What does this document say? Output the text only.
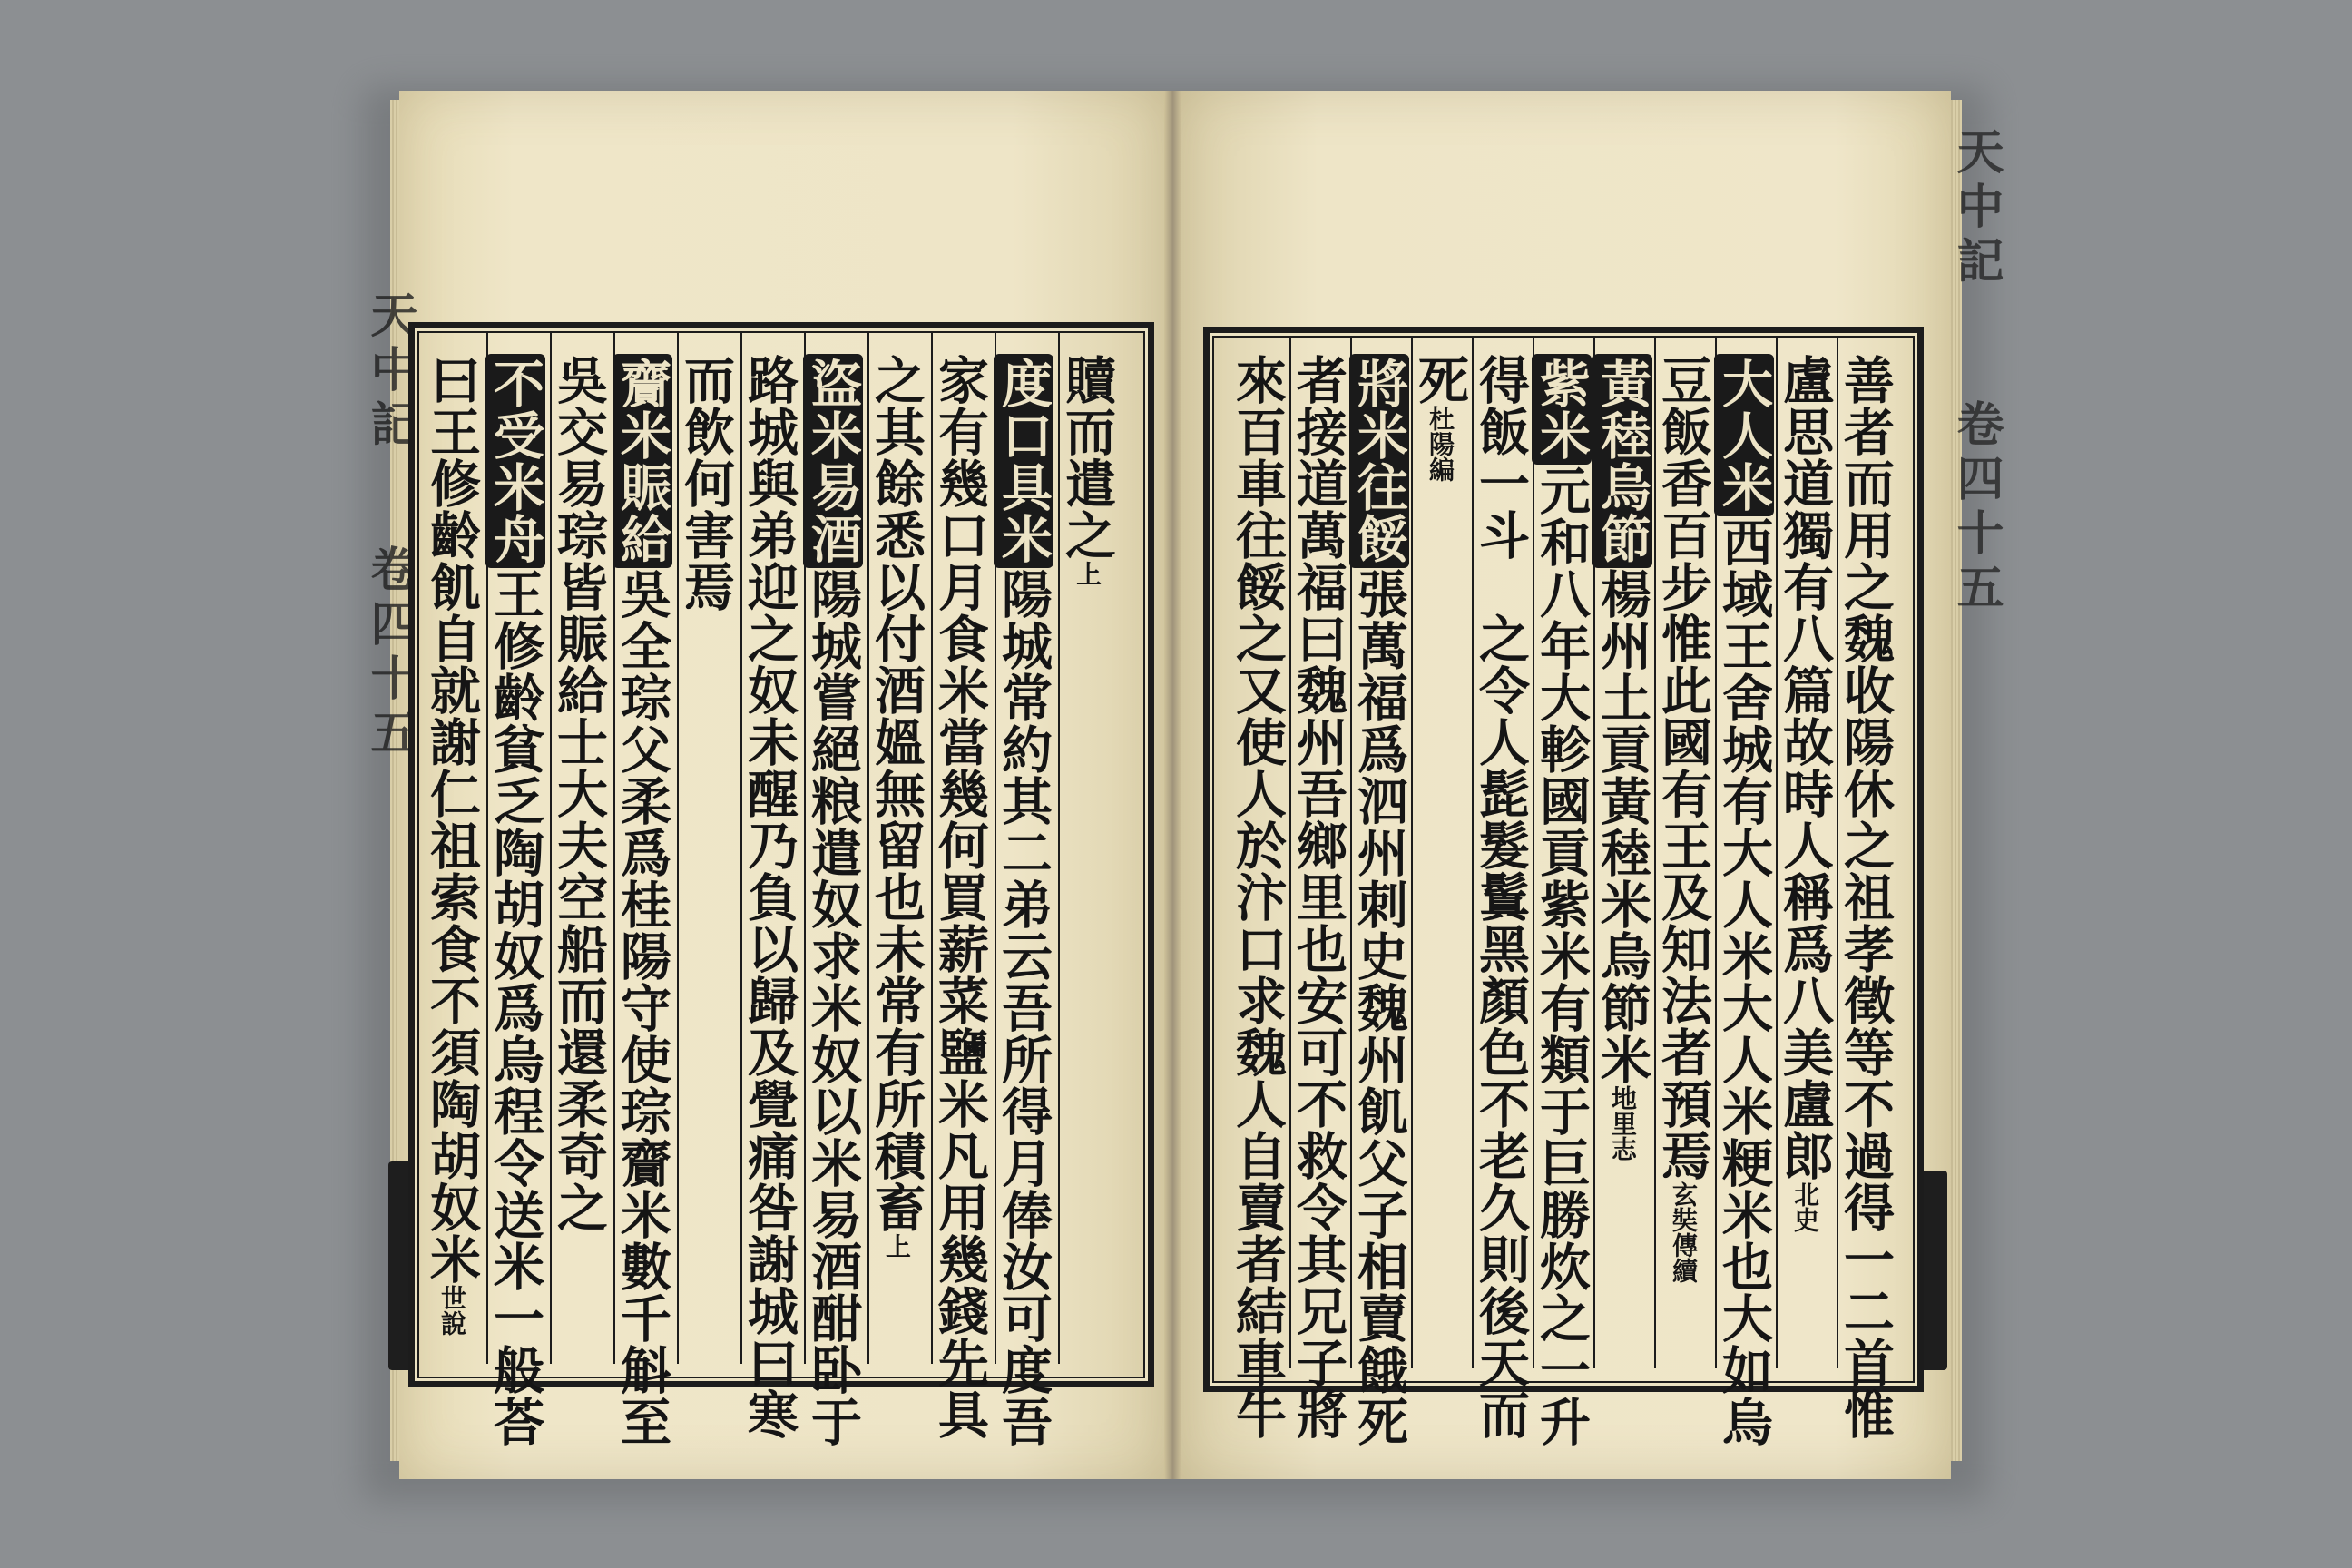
天中記
卷四十五
天中記
卷四十五
善者而用之魏收陽休之祖孝徵等不過得一二首惟
盧思道獨有八篇故時人稱爲八美盧郎北史
大人米西域王舍城有大人米大人米粳米也大如烏
豆飯香百步惟此國有王及知法者預焉玄奘傳續
黃稑烏節楊州土貢黃稑米烏節米地里志
紫米元和八年大軫國貢紫米有類于巨勝炊之一升
得飯一斗　之令人髭髮鬒黑顏色不老久則後天而
死杜陽編
將米往餒張萬福爲泗州刺史魏州飢父子相賣餓死
者接道萬福曰魏州吾鄉里也安可不救令其兄子將
來百車往餒之又使人於汴口求魏人自賣者結車牛
贖而遣之上
度口具米陽城常約其二弟云吾所得月俸汝可度吾
家有幾口月食米當幾何買薪菜鹽米凡用幾錢先具
之其餘悉以付酒媼無留也未常有所積畜上
盜米易酒陽城嘗絕粮遣奴求米奴以米易酒酣卧于
路城與弟迎之奴未醒乃負以歸及覺痛咎謝城曰寒
而飲何害焉
齎米賑給吳全琮父柔爲桂陽守使琮齎米數千斛至
吳交易琮皆賑給士大夫空船而還柔奇之
不受米舟王修齡貧乏陶胡奴爲烏程令送米一般荅
曰王修齡飢自就謝仁祖索食不須陶胡奴米世說
